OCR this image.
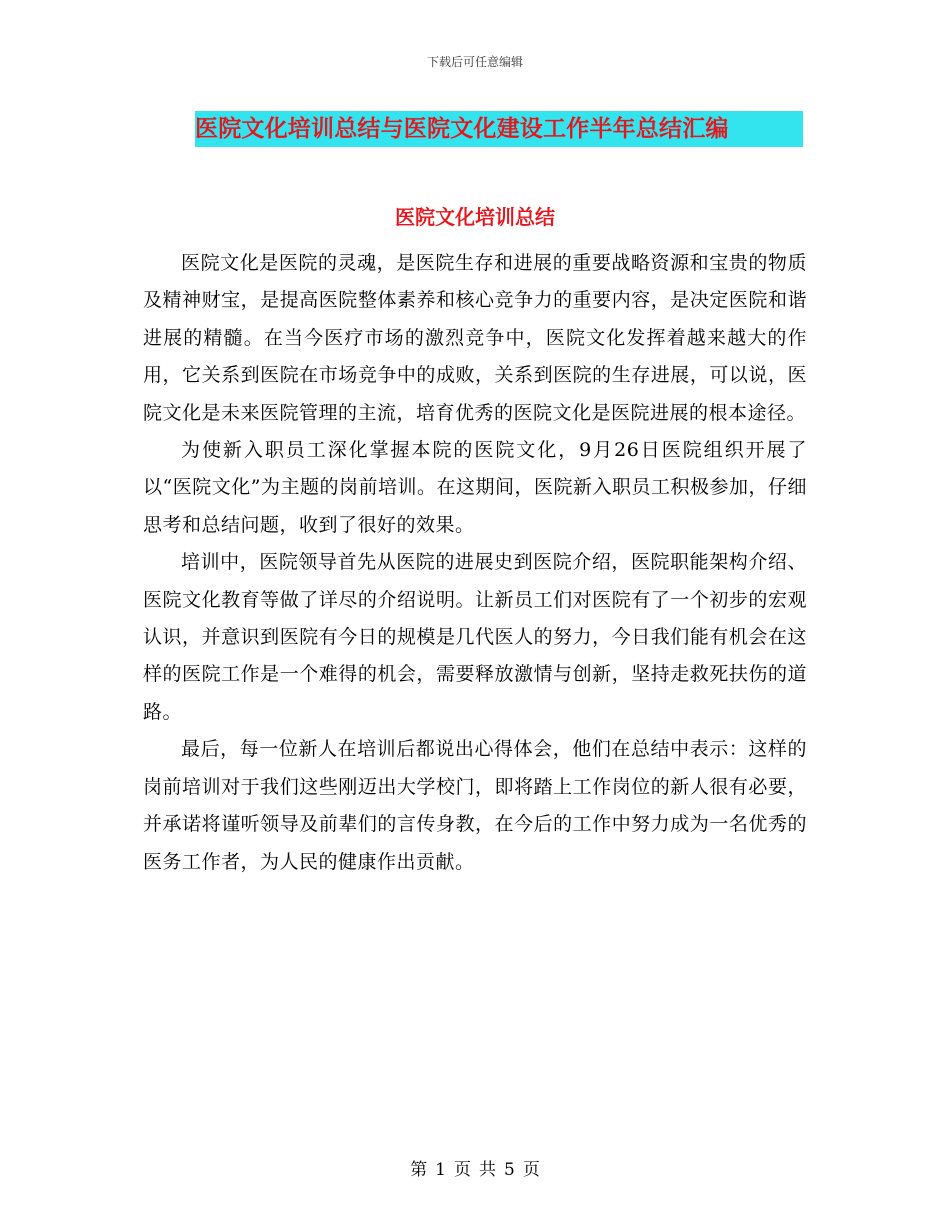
下载后可任意编辑
医院文化培训总结与医院文化建设工作半年总结汇编
医院文化培训总结

医院文化是医院的灵魂，是医院生存和进展的重要战略资源和宝贵的物质及精神财宝，是提高医院整体素养和核心竞争力的重要内容，是决定医院和谐进展的精髓。在当今医疗市场的激烈竞争中，医院文化发挥着越来越大的作用，它关系到医院在市场竞争中的成败，关系到医院的生存进展，可以说，医院文化是未来医院管理的主流，培育优秀的医院文化是医院进展的根本途径。

为使新入职员工深化掌握本院的医院文化，9月26日医院组织开展了以“医院文化”为主题的岗前培训。在这期间，医院新入职员工积极参加，仔细思考和总结问题，收到了很好的效果。

培训中，医院领导首先从医院的进展史到医院介绍，医院职能架构介绍、医院文化教育等做了详尽的介绍说明。让新员工们对医院有了一个初步的宏观认识，并意识到医院有今日的规模是几代医人的努力，今日我们能有机会在这样的医院工作是一个难得的机会，需要释放激情与创新，坚持走救死扶伤的道路。

最后，每一位新人在培训后都说出心得体会，他们在总结中表示：这样的岗前培训对于我们这些刚迈出大学校门，即将踏上工作岗位的新人很有必要，并承诺将谨听领导及前辈们的言传身教，在今后的工作中努力成为一名优秀的医务工作者，为人民的健康作出贡献。

第 1 页 共 5 页
